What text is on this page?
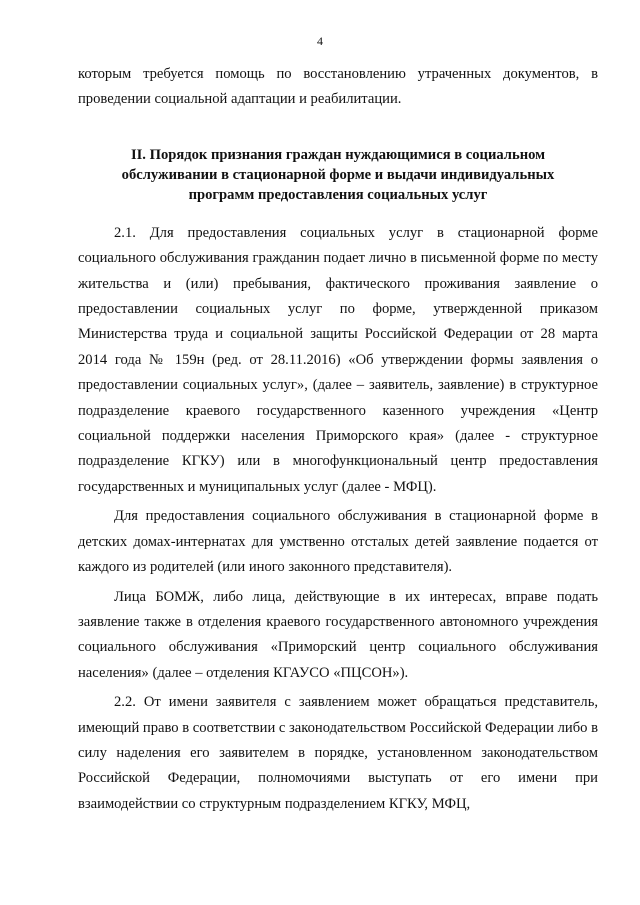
4

которым требуется помощь по восстановлению утраченных документов, в проведении социальной адаптации и реабилитации.

II. Порядок признания граждан нуждающимися в социальном обслуживании в стационарной форме и выдачи индивидуальных программ предоставления социальных услуг

2.1. Для предоставления социальных услуг в стационарной форме социального обслуживания гражданин подает лично в письменной форме по месту жительства и (или) пребывания, фактического проживания заявление о предоставлении социальных услуг по форме, утвержденной приказом Министерства труда и социальной защиты Российской Федерации от 28 марта 2014 года № 159н (ред. от 28.11.2016) «Об утверждении формы заявления о предоставлении социальных услуг», (далее – заявитель, заявление) в структурное подразделение краевого государственного казенного учреждения «Центр социальной поддержки населения Приморского края» (далее - структурное подразделение КГКУ) или в многофункциональный центр предоставления государственных и муниципальных услуг (далее - МФЦ).

Для предоставления социального обслуживания в стационарной форме в детских домах-интернатах для умственно отсталых детей заявление подается от каждого из родителей (или иного законного представителя).

Лица БОМЖ, либо лица, действующие в их интересах, вправе подать заявление также в отделения краевого государственного автономного учреждения социального обслуживания «Приморский центр социального обслуживания населения» (далее – отделения КГАУСО «ПЦСОН»).

2.2. От имени заявителя с заявлением может обращаться представитель, имеющий право в соответствии с законодательством Российской Федерации либо в силу наделения его заявителем в порядке, установленном законодательством Российской Федерации, полномочиями выступать от его имени при взаимодействии со структурным подразделением КГКУ, МФЦ,
